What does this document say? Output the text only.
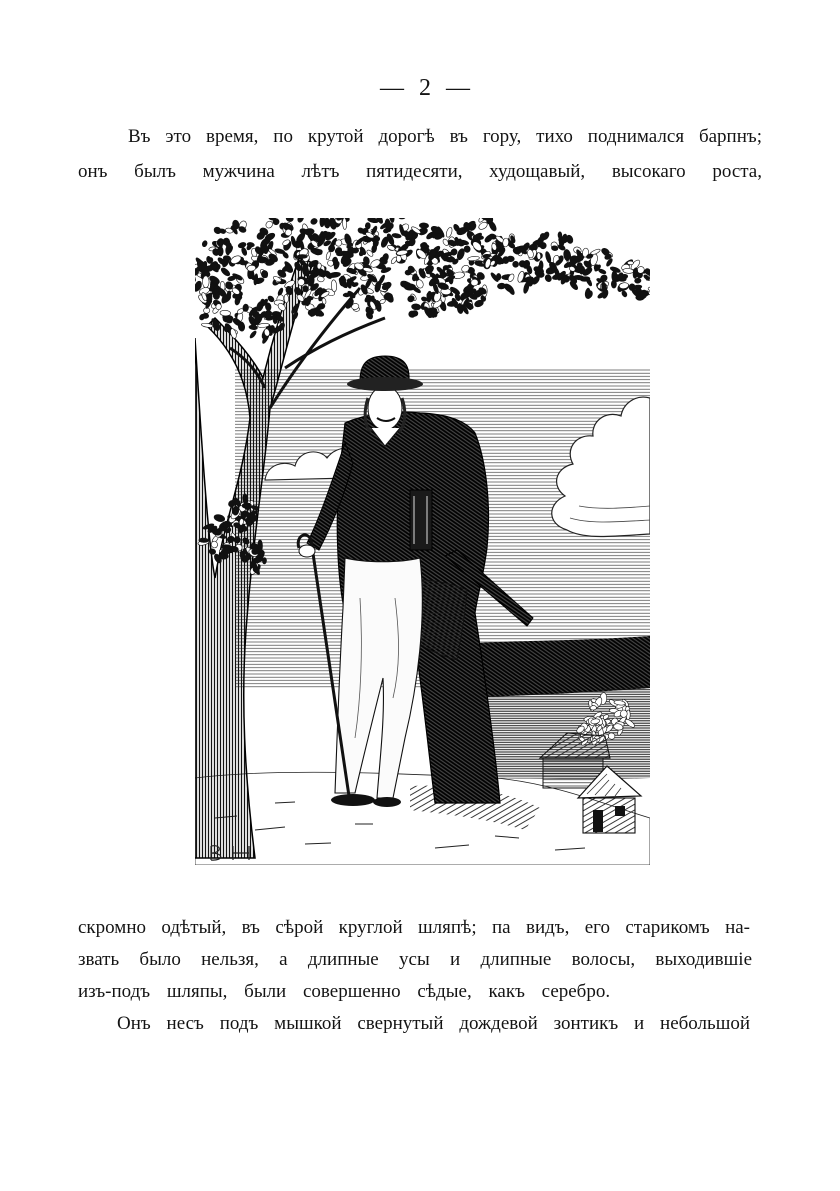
— 2 —
Въ это время, по крутой дорогѣ въ гору, тихо поднимался барпнъ;
онъ былъ мужчина лѣтъ пятидесяти, худощавый, высокаго роста,
скромно одѣтый, въ сѣрой круглой шляпѣ; па видъ, его старикомъ на-
звать было нельзя, а длипные усы и длипные волосы, выходившіе
изъ-подъ шляпы, были совершенно сѣдые, какъ серебро.
Онъ несъ подъ мышкой свернутый дождевой зонтикъ и небольшой
